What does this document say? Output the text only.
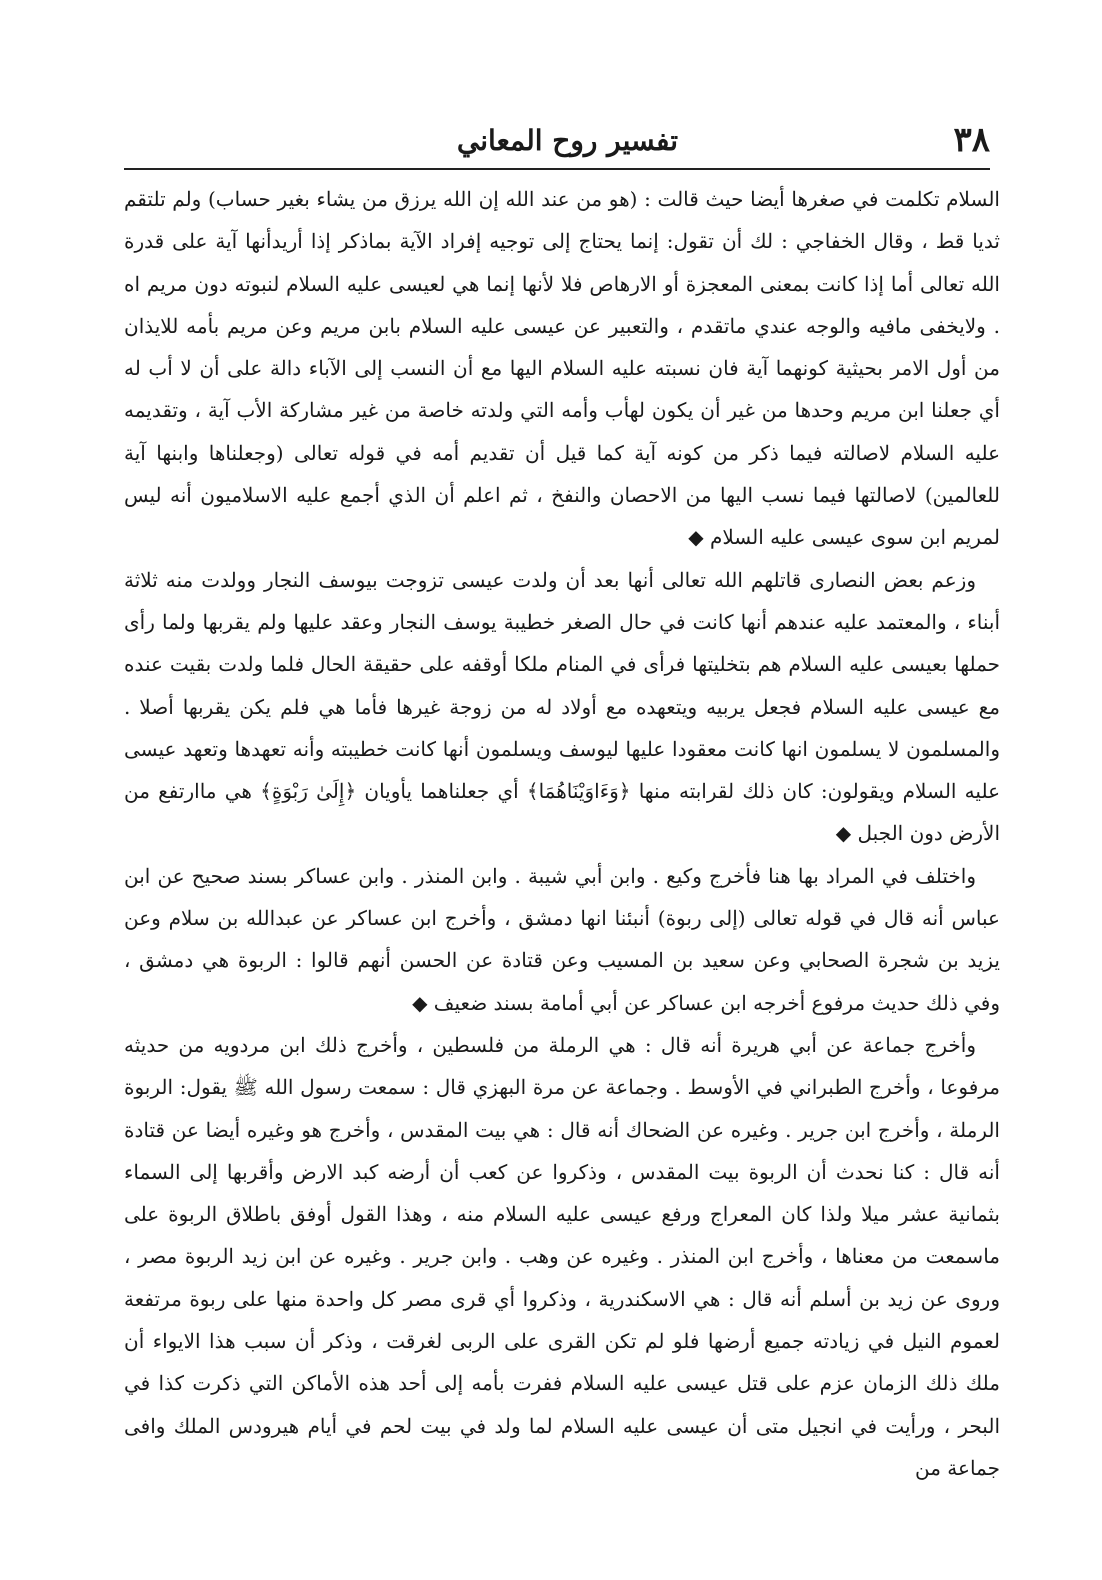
٣٨
تفسير روح المعاني

السلام تكلمت في صغرها أيضا حيث قالت : (هو من عند الله إن الله يرزق من يشاء بغير حساب) ولم تلتقم ثديا قط ، وقال الخفاجي : لك أن تقول: إنما يحتاج إلى توجيه إفراد الآية بماذكر إذا أريدأنها آية على قدرة الله تعالى أما إذا كانت بمعنى المعجزة أو الارهاص فلا لأنها إنما هي لعيسى عليه السلام لنبوته دون مريم اه . ولايخفى مافيه والوجه عندي ماتقدم ، والتعبير عن عيسى عليه السلام بابن مريم وعن مريم بأمه للايذان من أول الامر بحيثية كونهما آية فان نسبته عليه السلام اليها مع أن النسب إلى الآباء دالة على أن لا أب له أي جعلنا ابن مريم وحدها من غير أن يكون لهأب وأمه التي ولدته خاصة من غير مشاركة الأب آية ، وتقديمه عليه السلام لاصالته فيما ذكر من كونه آية كما قيل أن تقديم أمه في قوله تعالى (وجعلناها وابنها آية للعالمين) لاصالتها فيما نسب اليها من الاحصان والنفخ ، ثم اعلم أن الذي أجمع عليه الاسلاميون أنه ليس لمريم ابن سوى عيسى عليه السلام ◆

وزعم بعض النصارى قاتلهم الله تعالى أنها بعد أن ولدت عيسى تزوجت بيوسف النجار وولدت منه ثلاثة أبناء ، والمعتمد عليه عندهم أنها كانت في حال الصغر خطيبة يوسف النجار وعقد عليها ولم يقربها ولما رأى حملها بعيسى عليه السلام هم بتخليتها فرأى في المنام ملكا أوقفه على حقيقة الحال فلما ولدت بقيت عنده مع عيسى عليه السلام فجعل يربيه ويتعهده مع أولاد له من زوجة غيرها فأما هي فلم يكن يقربها أصلا . والمسلمون لا يسلمون انها كانت معقودا عليها ليوسف ويسلمون أنها كانت خطيبته وأنه تعهدها وتعهد عيسى عليه السلام ويقولون: كان ذلك لقرابته منها ﴿وَءَاوَيْنَاهُمَا﴾ أي جعلناهما يأويان ﴿إِلَىٰ رَبْوَةٍ﴾ هي ماارتفع من الأرض دون الجبل ◆

واختلف في المراد بها هنا فأخرج وكيع . وابن أبي شيبة . وابن المنذر . وابن عساكر بسند صحيح عن ابن عباس أنه قال في قوله تعالى (إلى ربوة) أنبئنا انها دمشق ، وأخرج ابن عساكر عن عبدالله بن سلام وعن يزيد بن شجرة الصحابي وعن سعيد بن المسيب وعن قتادة عن الحسن أنهم قالوا : الربوة هي دمشق ، وفي ذلك حديث مرفوع أخرجه ابن عساكر عن أبي أمامة بسند ضعيف ◆

وأخرج جماعة عن أبي هريرة أنه قال : هي الرملة من فلسطين ، وأخرج ذلك ابن مردويه من حديثه مرفوعا ، وأخرج الطبراني في الأوسط . وجماعة عن مرة البهزي قال : سمعت رسول الله ﷺ يقول: الربوة الرملة ، وأخرج ابن جرير . وغيره عن الضحاك أنه قال : هي بيت المقدس ، وأخرج هو وغيره أيضا عن قتادة أنه قال : كنا نحدث أن الربوة بيت المقدس ، وذكروا عن كعب أن أرضه كبد الارض وأقربها إلى السماء بثمانية عشر ميلا ولذا كان المعراج ورفع عيسى عليه السلام منه ، وهذا القول أوفق باطلاق الربوة على ماسمعت من معناها ، وأخرج ابن المنذر . وغيره عن وهب . وابن جرير . وغيره عن ابن زيد الربوة مصر ، وروى عن زيد بن أسلم أنه قال : هي الاسكندرية ، وذكروا أي قرى مصر كل واحدة منها على ربوة مرتفعة لعموم النيل في زيادته جميع أرضها فلو لم تكن القرى على الربى لغرقت ، وذكر أن سبب هذا الايواء أن ملك ذلك الزمان عزم على قتل عيسى عليه السلام ففرت بأمه إلى أحد هذه الأماكن التي ذكرت كذا في البحر ، ورأيت في انجيل متى أن عيسى عليه السلام لما ولد في بيت لحم في أيام هيرودس الملك وافى جماعة من
